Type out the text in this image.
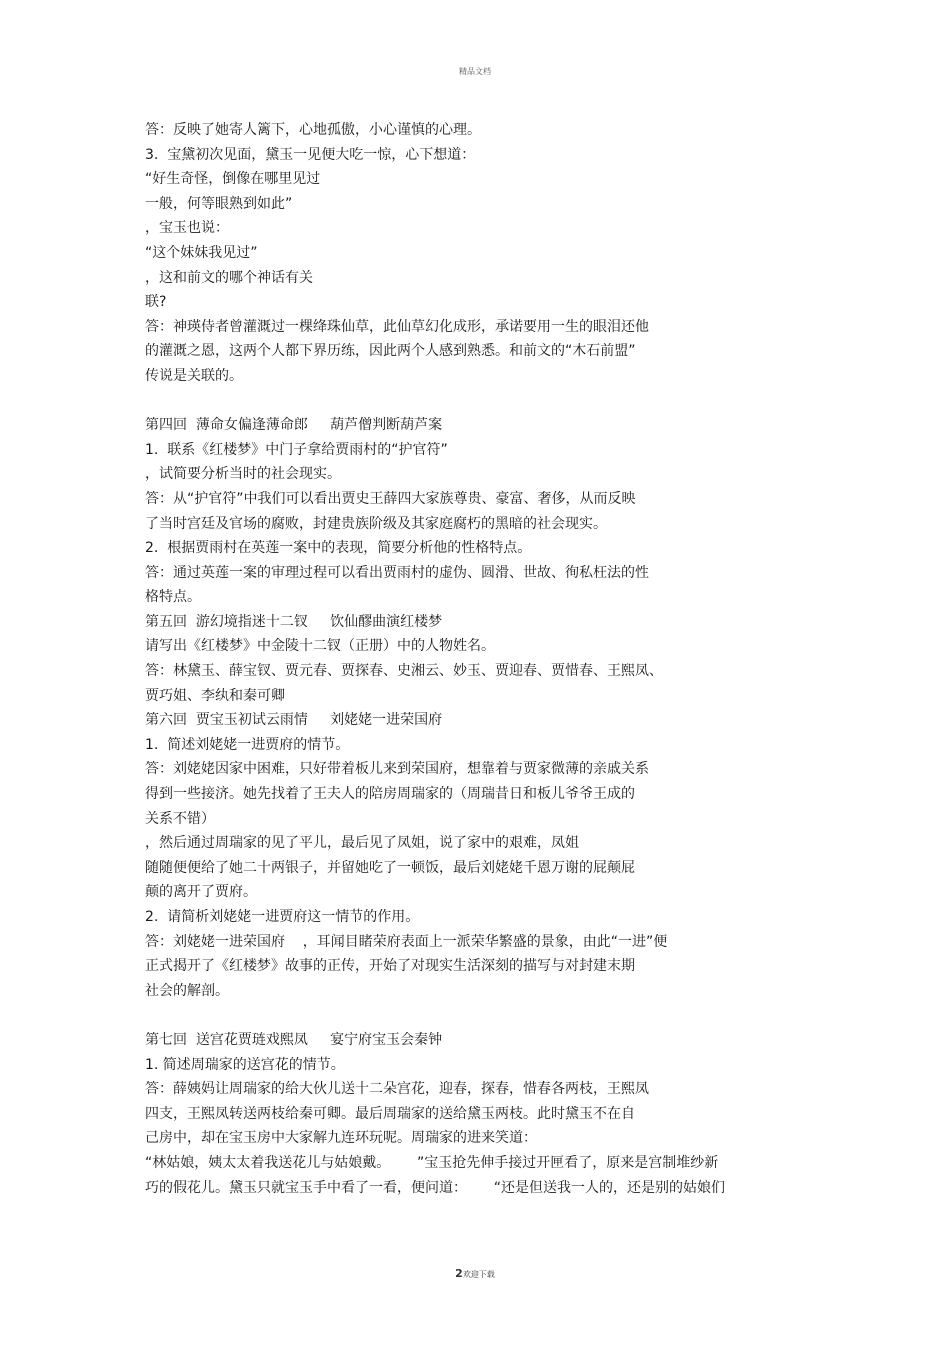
精品文档
答：反映了她寄人篱下，心地孤傲，小心谨慎的心理。
3.  宝黛初次见面，黛玉一见便大吃一惊，心下想道：
“好生奇怪，倒像在哪里见过
一般，何等眼熟到如此”
，宝玉也说：
“这个妹妹我见过”
，这和前文的哪个神话有关
联?
答：神瑛侍者曾灌溉过一棵绛珠仙草，此仙草幻化成形，承诺要用一生的眼泪还他
的灌溉之恩，这两个人都下界历练，因此两个人感到熟悉。和前文的“木石前盟”
传说是关联的。
第四回  薄命女偏逢薄命郎     葫芦僧判断葫芦案
1.  联系《红楼梦》中门子拿给贾雨村的“护官符”
，试简要分析当时的社会现实。
答：从“护官符”中我们可以看出贾史王薛四大家族尊贵、豪富、奢侈，从而反映
了当时宫廷及官场的腐败，封建贵族阶级及其家庭腐朽的黑暗的社会现实。
2.  根据贾雨村在英莲一案中的表现，简要分析他的性格特点。
答：通过英莲一案的审理过程可以看出贾雨村的虚伪、圆滑、世故、徇私枉法的性
格特点。
第五回  游幻境指迷十二钗     饮仙醪曲演红楼梦
请写出《红楼梦》中金陵十二钗（正册）中的人物姓名。
答：林黛玉、薛宝钗、贾元春、贾探春、史湘云、妙玉、贾迎春、贾惜春、王熙凤、
贾巧姐、李纨和秦可卿
第六回  贾宝玉初试云雨情     刘姥姥一进荣国府
1.  简述刘姥姥一进贾府的情节。
答：刘姥姥因家中困难，只好带着板儿来到荣国府，想靠着与贾家微薄的亲戚关系
得到一些接济。她先找着了王夫人的陪房周瑞家的（周瑞昔日和板儿爷爷王成的
关系不错）
，然后通过周瑞家的见了平儿，最后见了凤姐，说了家中的艰难，凤姐
随随便便给了她二十两银子，并留她吃了一顿饭，最后刘姥姥千恩万谢的屁颠屁
颠的离开了贾府。
2.  请简析刘姥姥一进贾府这一情节的作用。
答：刘姥姥一进荣国府    ，耳闻目睹荣府表面上一派荣华繁盛的景象，由此“一进”便
正式揭开了《红楼梦》故事的正传，开始了对现实生活深刻的描写与对封建末期
社会的解剖。
第七回  送宫花贾琏戏熙凤     宴宁府宝玉会秦钟
1. 简述周瑞家的送宫花的情节。
答：薛姨妈让周瑞家的给大伙儿送十二朵宫花，迎春，探春，惜春各两枝，王熙凤
四支，王熙凤转送两枝给秦可卿。最后周瑞家的送给黛玉两枝。此时黛玉不在自
己房中，却在宝玉房中大家解九连环玩呢。周瑞家的进来笑道：
“林姑娘，姨太太着我送花儿与姑娘戴。      ”宝玉抢先伸手接过开匣看了，原来是宫制堆纱新
巧的假花儿。黛玉只就宝玉手中看了一看，便问道：      “还是但送我一人的，还是别的姑娘们
2欢迎下载
